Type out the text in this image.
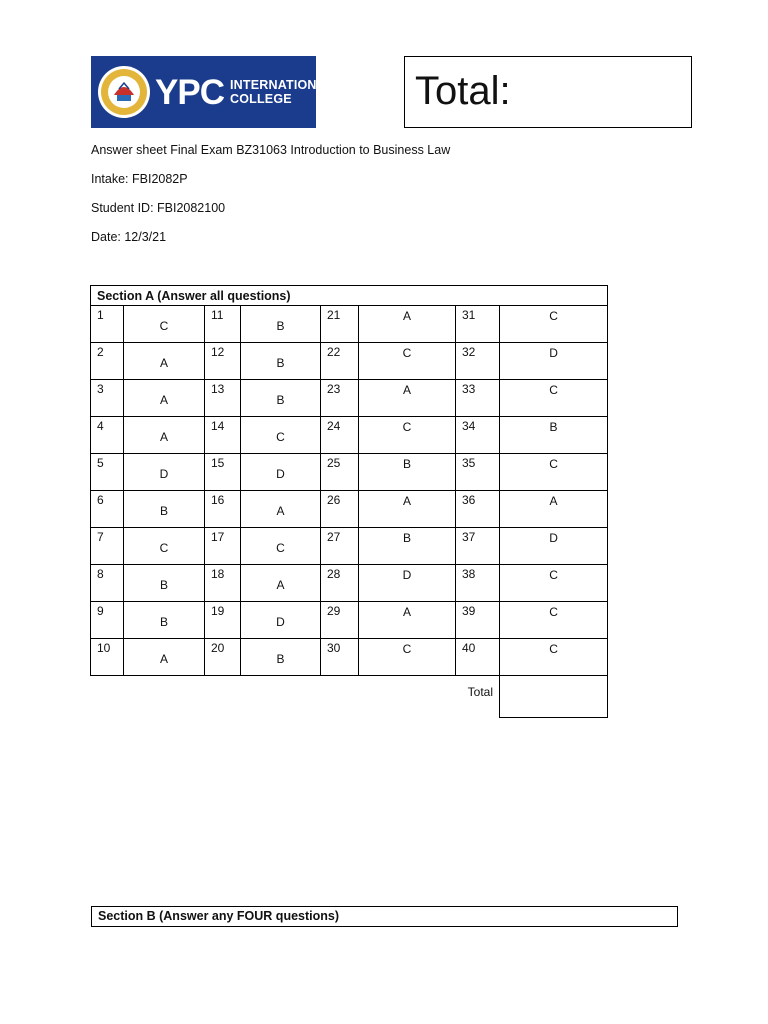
YPC INTERNATIONAL
COLLEGE	Total:
Answer sheet Final Exam BZ31063 Introduction to Business Law
Intake: FBI2082P
Student ID: FBI2082100
Date: 12/3/21
Section A (Answer all questions)							
1	C	11	B	21	A	31	C
2	A	12	B	22	C	32	D
3	A	13	B	23	A	33	C
4	A	14	C	24	C	34	B
5	D	15	D	25	B	35	C
6	B	16	A	26	A	36	A
7	C	17	C	27	B	37	D
8	B	18	A	28	D	38	C
9	B	19	D	29	A	39	C
10	A	20	B	30	C	40	C
						Total	
Section B (Answer any FOUR questions)
